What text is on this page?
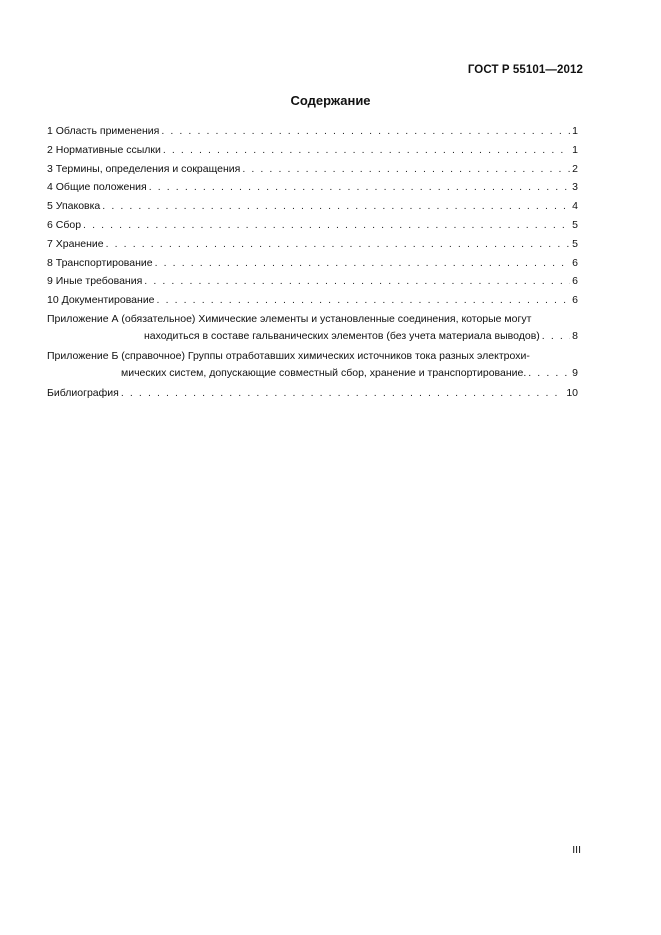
ГОСТ Р 55101—2012
Содержание
1 Область применения . . .	1
2 Нормативные ссылки . . .	1
3 Термины, определения и сокращения . . .	2
4 Общие положения . . .	3
5 Упаковка . . .	4
6 Сбор . . .	5
7 Хранение . . .	5
8 Транспортирование . . .	6
9 Иные требования . . .	6
10 Документирование . . .	6
Приложение А (обязательное) Химические элементы и установленные соединения, которые могут
находиться в составе гальванических элементов (без учета материала выводов) . . .	8
Приложение Б (справочное) Группы отработавших химических источников тока разных электрохи-
мических систем, допускающие совместный сбор, хранение и транспортирование. . . .	9
Библиография . . .	10
III
